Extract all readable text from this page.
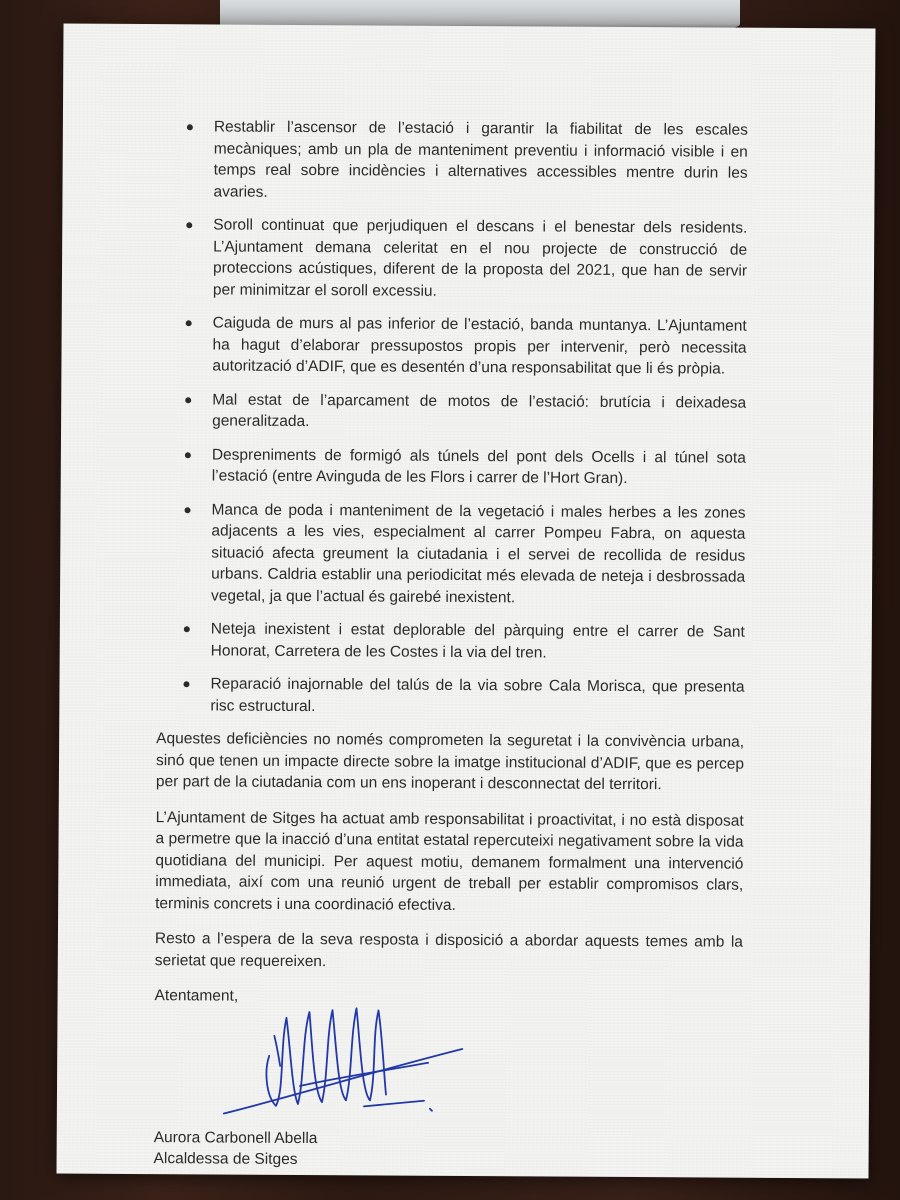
Restablir l’ascensor de l’estació i garantir la fiabilitat de les escales mecàniques; amb un pla de manteniment preventiu i informació visible i en temps real sobre incidències i alternatives accessibles mentre durin les avaries.
Soroll continuat que perjudiquen el descans i el benestar dels residents. L’Ajuntament demana celeritat en el nou projecte de construcció de proteccions acústiques, diferent de la proposta del 2021, que han de servir per minimitzar el soroll excessiu.
Caiguda de murs al pas inferior de l’estació, banda muntanya. L’Ajuntament ha hagut d’elaborar pressupostos propis per intervenir, però necessita autorització d’ADIF, que es desentén d’una responsabilitat que li és pròpia.
Mal estat de l’aparcament de motos de l’estació: brutícia i deixadesa generalitzada.
Despreniments de formigó als túnels del pont dels Ocells i al túnel sota l’estació (entre Avinguda de les Flors i carrer de l’Hort Gran).
Manca de poda i manteniment de la vegetació i males herbes a les zones adjacents a les vies, especialment al carrer Pompeu Fabra, on aquesta situació afecta greument la ciutadania i el servei de recollida de residus urbans. Caldria establir una periodicitat més elevada de neteja i desbrossada vegetal, ja que l’actual és gairebé inexistent.
Neteja inexistent i estat deplorable del pàrquing entre el carrer de Sant Honorat, Carretera de les Costes i la via del tren.
Reparació inajornable del talús de la via sobre Cala Morisca, que presenta risc estructural.

Aquestes deficiències no només comprometen la seguretat i la convivència urbana, sinó que tenen un impacte directe sobre la imatge institucional d’ADIF, que es percep per part de la ciutadania com un ens inoperant i desconnectat del territori.

L’Ajuntament de Sitges ha actuat amb responsabilitat i proactivitat, i no està disposat a permetre que la inacció d’una entitat estatal repercuteixi negativament sobre la vida quotidiana del municipi. Per aquest motiu, demanem formalment una intervenció immediata, així com una reunió urgent de treball per establir compromisos clars, terminis concrets i una coordinació efectiva.

Resto a l’espera de la seva resposta i disposició a abordar aquests temes amb la serietat que requereixen.

Atentament,

Aurora Carbonell Abella
Alcaldessa de Sitges
